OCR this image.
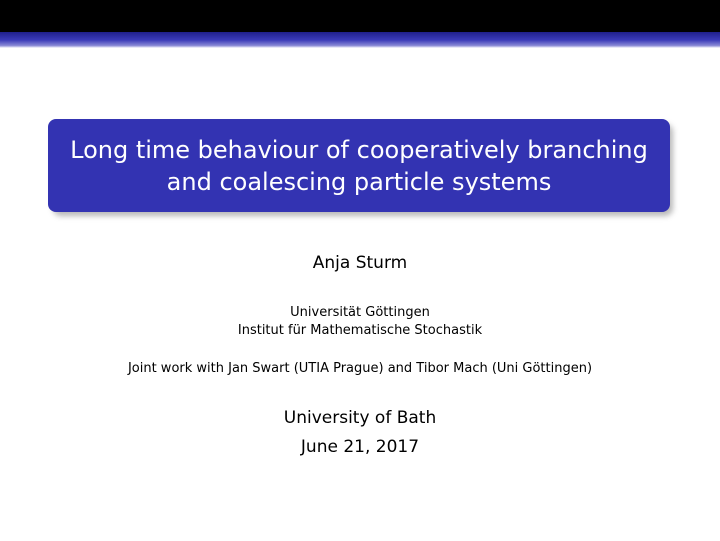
Long time behaviour of cooperatively branching
and coalescing particle systems
Anja Sturm
Universität Göttingen
Institut für Mathematische Stochastik
Joint work with Jan Swart (UTIA Prague) and Tibor Mach (Uni Göttingen)
University of Bath
June 21, 2017
